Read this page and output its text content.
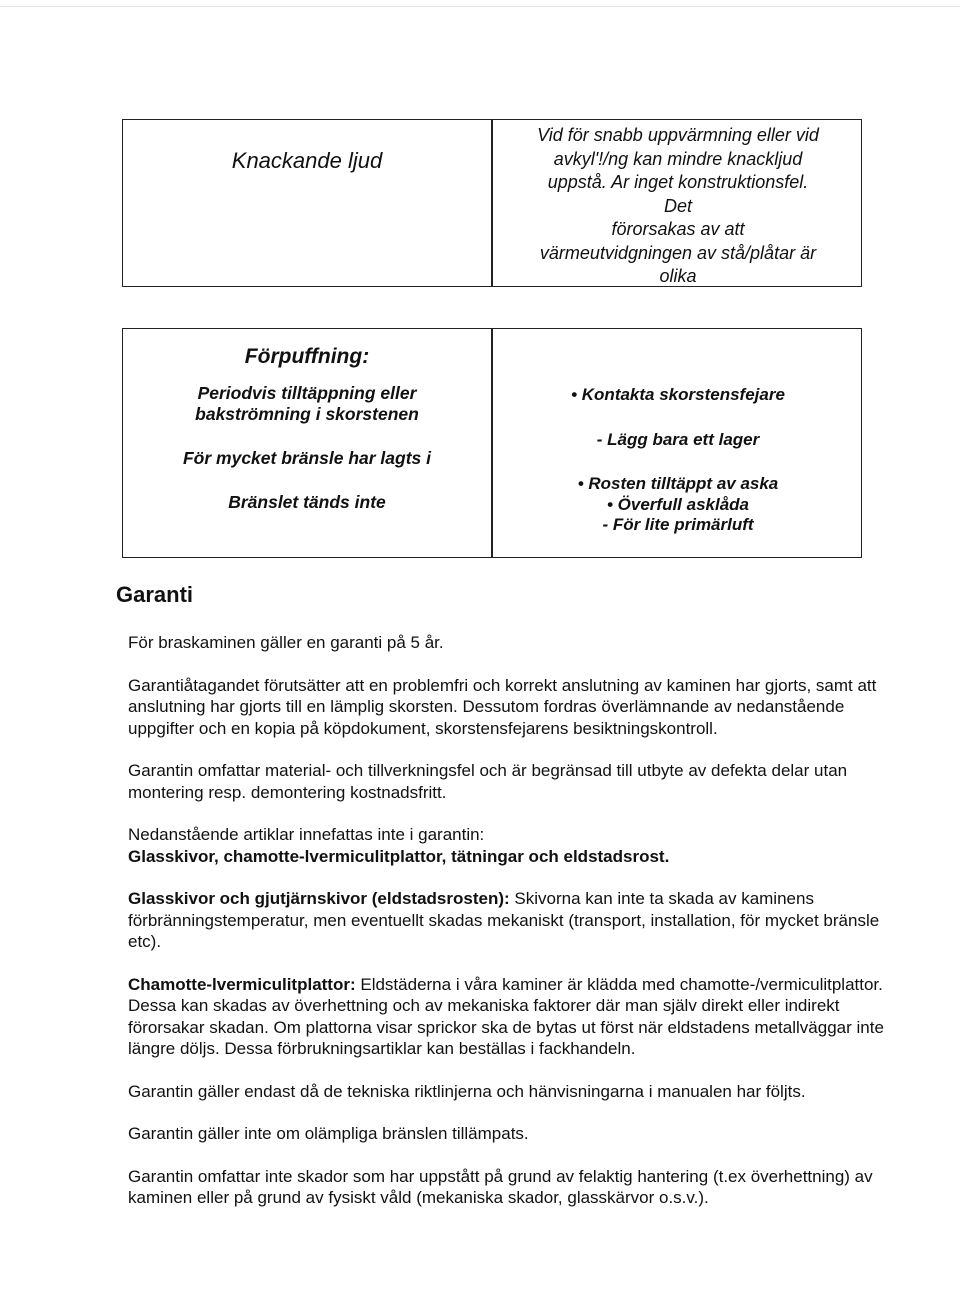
Knackande ljud
Vid för snabb uppvärmning eller vid
avkyl'!/ng kan mindre knackljud
uppstå. Ar inget konstruktionsfel.
Det
förorsakas av att
värmeutvidgningen av stå/plåtar är
olika
Förpuffning:
Periodvis tilltäppning eller
bakströmning i skorstenen
För mycket bränsle har lagts i
Bränslet tänds inte
• Kontakta skorstensfejare
- Lägg bara ett lager
• Rosten tilltäppt av aska
• Överfull asklåda
- För lite primärluft
Garanti

För braskaminen gäller en garanti på 5 år.

Garantiåtagandet förutsätter att en problemfri och korrekt anslutning av kaminen har gjorts, samt att anslutning har gjorts till en lämplig skorsten. Dessutom fordras överlämnande av nedanstående uppgifter och en kopia på köpdokument, skorstensfejarens besiktningskontroll.

Garantin omfattar material- och tillverkningsfel och är begränsad till utbyte av defekta delar utan montering resp. demontering kostnadsfritt.

Nedanstående artiklar innefattas inte i garantin:
Glasskivor, chamotte-lvermiculitplattor, tätningar och eldstadsrost.

Glasskivor och gjutjärnskivor (eldstadsrosten): Skivorna kan inte ta skada av kaminens förbränningstemperatur, men eventuellt skadas mekaniskt (transport, installation, för mycket bränsle etc).

Chamotte-lvermiculitplattor: Eldstäderna i våra kaminer är klädda med chamotte-/vermiculitplattor. Dessa kan skadas av överhettning och av mekaniska faktorer där man själv direkt eller indirekt förorsakar skadan. Om plattorna visar sprickor ska de bytas ut först när eldstadens metallväggar inte längre döljs. Dessa förbrukningsartiklar kan beställas i fackhandeln.

Garantin gäller endast då de tekniska riktlinjerna och hänvisningarna i manualen har följts.

Garantin gäller inte om olämpliga bränslen tillämpats.

Garantin omfattar inte skador som har uppstått på grund av felaktig hantering (t.ex överhettning) av kaminen eller på grund av fysiskt våld (mekaniska skador, glasskärvor o.s.v.).
